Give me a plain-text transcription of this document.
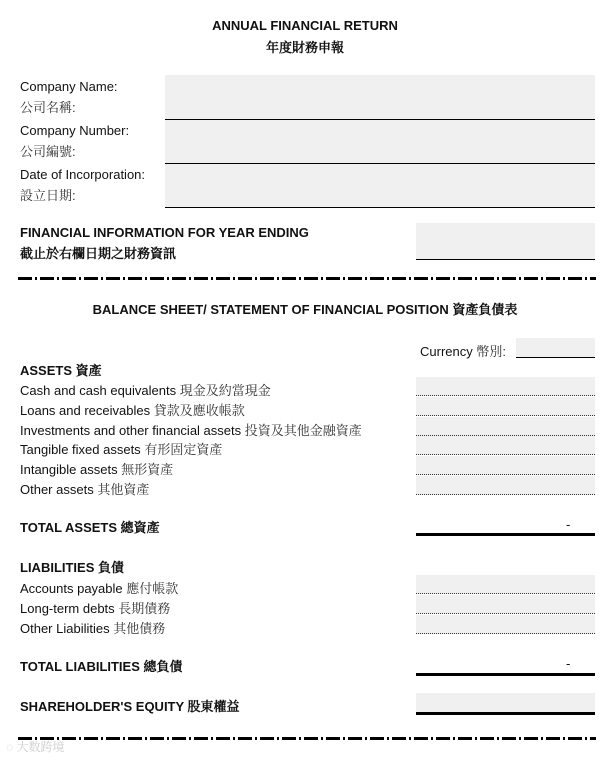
ANNUAL FINANCIAL RETURN
年度財務申報
Company Name:
公司名稱:
Company Number:
公司編號:
Date of Incorporation:
設立日期:
FINANCIAL INFORMATION FOR YEAR ENDING
截止於右欄日期之財務資訊
BALANCE SHEET/ STATEMENT OF FINANCIAL POSITION 資產負債表
Currency 幣別:
ASSETS 資產
Cash and cash equivalents 現金及約當現金
Loans and receivables 貸款及應收帳款
Investments and other financial assets 投資及其他金融資產
Tangible fixed assets 有形固定資產
Intangible assets 無形資產
Other assets 其他資產
TOTAL ASSETS 總資產	-
LIABILITIES 負債
Accounts payable 應付帳款
Long-term debts 長期債務
Other Liabilities 其他債務
TOTAL LIABILITIES 總負債	-
SHAREHOLDER'S EQUITY 股東權益
◌ 大数跨境
